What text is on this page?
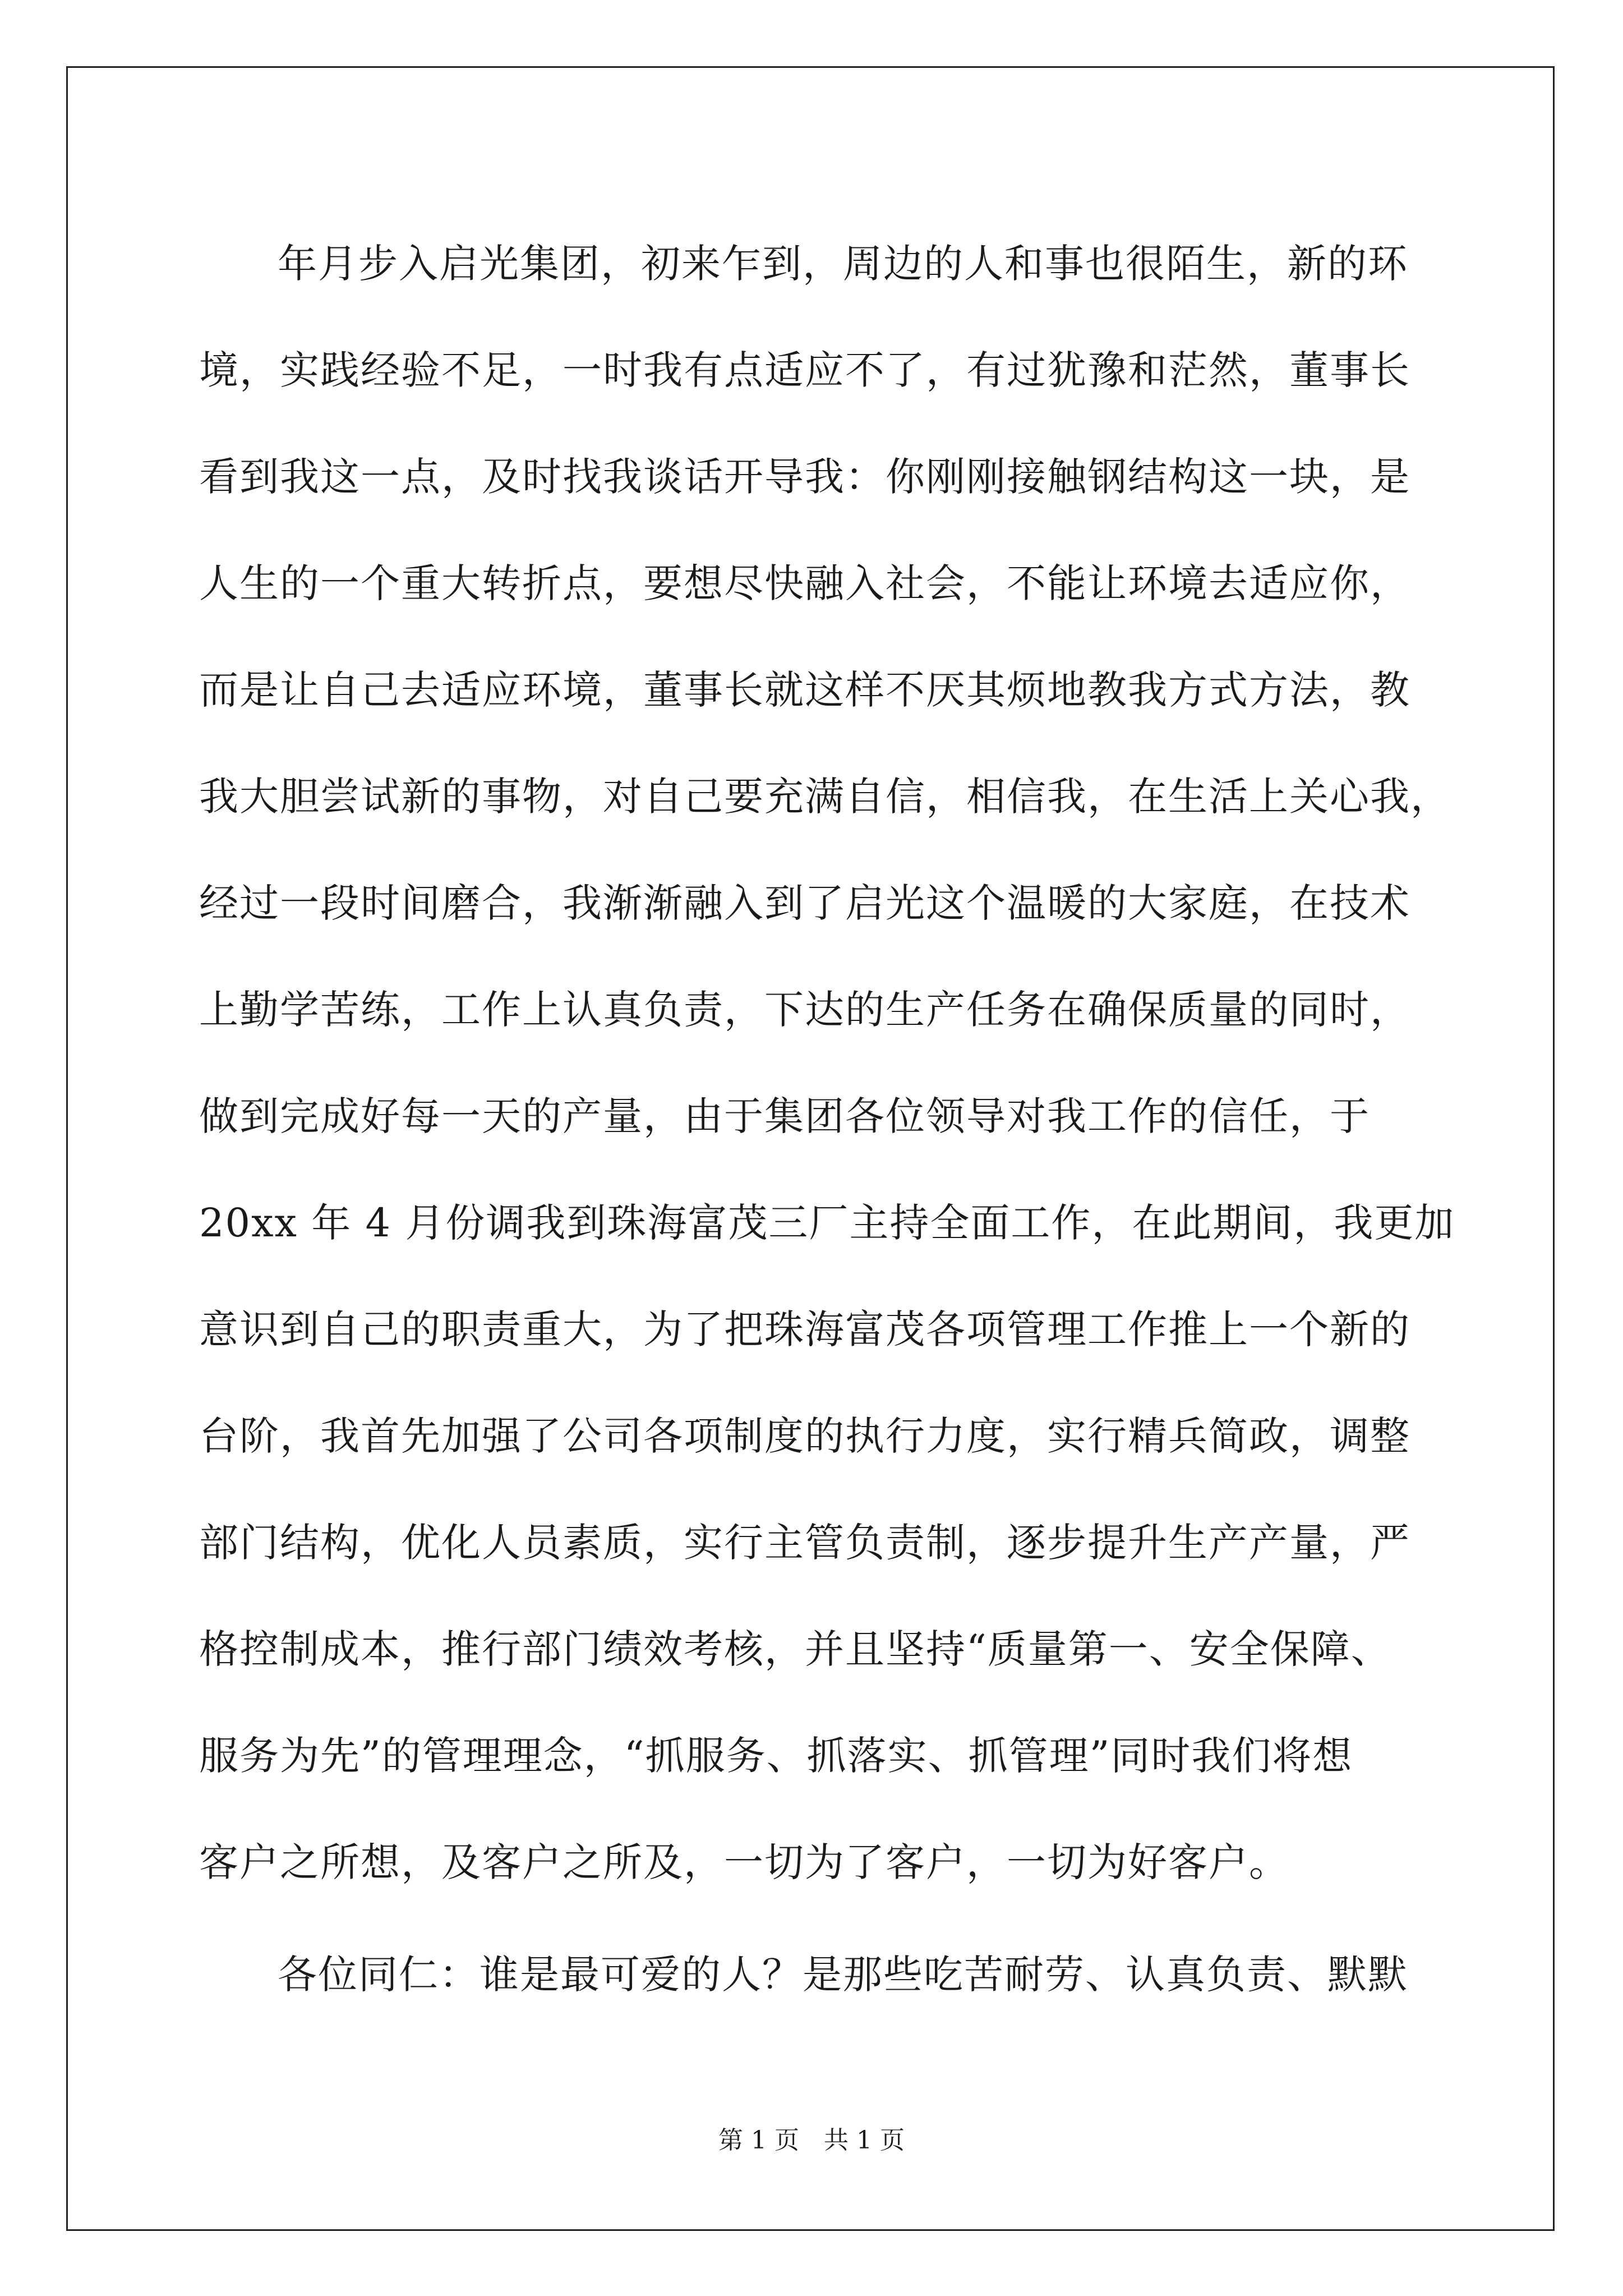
年月步入启光集团，初来乍到，周边的人和事也很陌生，新的环
境，实践经验不足，一时我有点适应不了，有过犹豫和茫然，董事长
看到我这一点，及时找我谈话开导我：你刚刚接触钢结构这一块，是
人生的一个重大转折点，要想尽快融入社会，不能让环境去适应你，
而是让自己去适应环境，董事长就这样不厌其烦地教我方式方法，教
我大胆尝试新的事物，对自己要充满自信，相信我，在生活上关心我，
经过一段时间磨合，我渐渐融入到了启光这个温暖的大家庭，在技术
上勤学苦练，工作上认真负责，下达的生产任务在确保质量的同时，
做到完成好每一天的产量，由于集团各位领导对我工作的信任，于
20xx 年 4 月份调我到珠海富茂三厂主持全面工作，在此期间，我更加
意识到自己的职责重大，为了把珠海富茂各项管理工作推上一个新的
台阶，我首先加强了公司各项制度的执行力度，实行精兵简政，调整
部门结构，优化人员素质，实行主管负责制，逐步提升生产产量，严
格控制成本，推行部门绩效考核，并且坚持“质量第一、安全保障、
服务为先”的管理理念，“抓服务、抓落实、抓管理”同时我们将想
客户之所想，及客户之所及，一切为了客户，一切为好客户。
各位同仁：谁是最可爱的人？是那些吃苦耐劳、认真负责、默默
第 1 页　共 1 页
